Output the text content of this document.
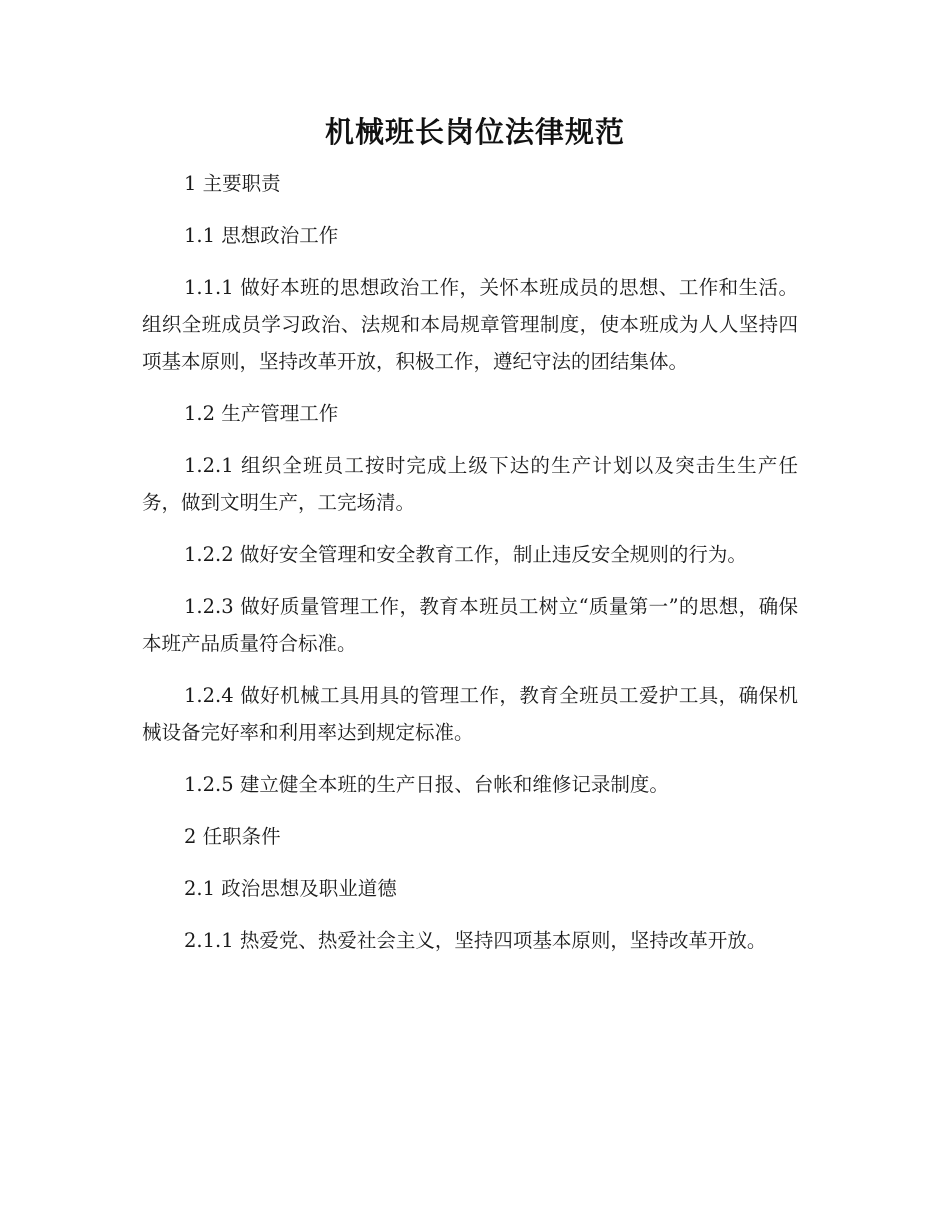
机械班长岗位法律规范

1 主要职责

1.1 思想政治工作

1.1.1 做好本班的思想政治工作，关怀本班成员的思想、工作和生活。组织全班成员学习政治、法规和本局规章管理制度，使本班成为人人坚持四项基本原则，坚持改革开放，积极工作，遵纪守法的团结集体。

1.2 生产管理工作

1.2.1 组织全班员工按时完成上级下达的生产计划以及突击生生产任务，做到文明生产，工完场清。

1.2.2 做好安全管理和安全教育工作，制止违反安全规则的行为。

1.2.3 做好质量管理工作，教育本班员工树立“质量第一”的思想，确保本班产品质量符合标准。

1.2.4 做好机械工具用具的管理工作，教育全班员工爱护工具，确保机械设备完好率和利用率达到规定标准。

1.2.5 建立健全本班的生产日报、台帐和维修记录制度。

2 任职条件

2.1 政治思想及职业道德

2.1.1 热爱党、热爱社会主义，坚持四项基本原则，坚持改革开放。
